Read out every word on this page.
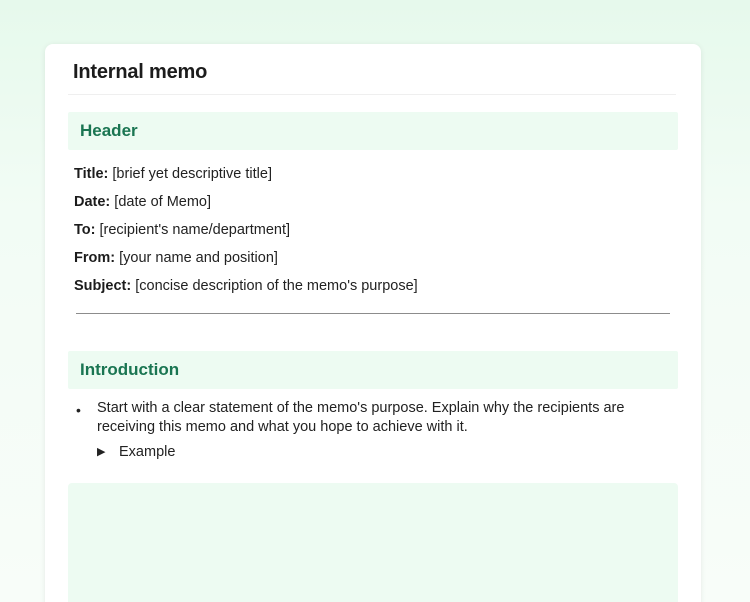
Internal memo
Header
Title: [brief yet descriptive title]
Date: [date of Memo]
To: [recipient's name/department]
From: [your name and position]
Subject: [concise description of the memo's purpose]
Introduction
• Start with a clear statement of the memo's purpose. Explain why the recipients are receiving this memo and what you hope to achieve with it.
▶ Example
